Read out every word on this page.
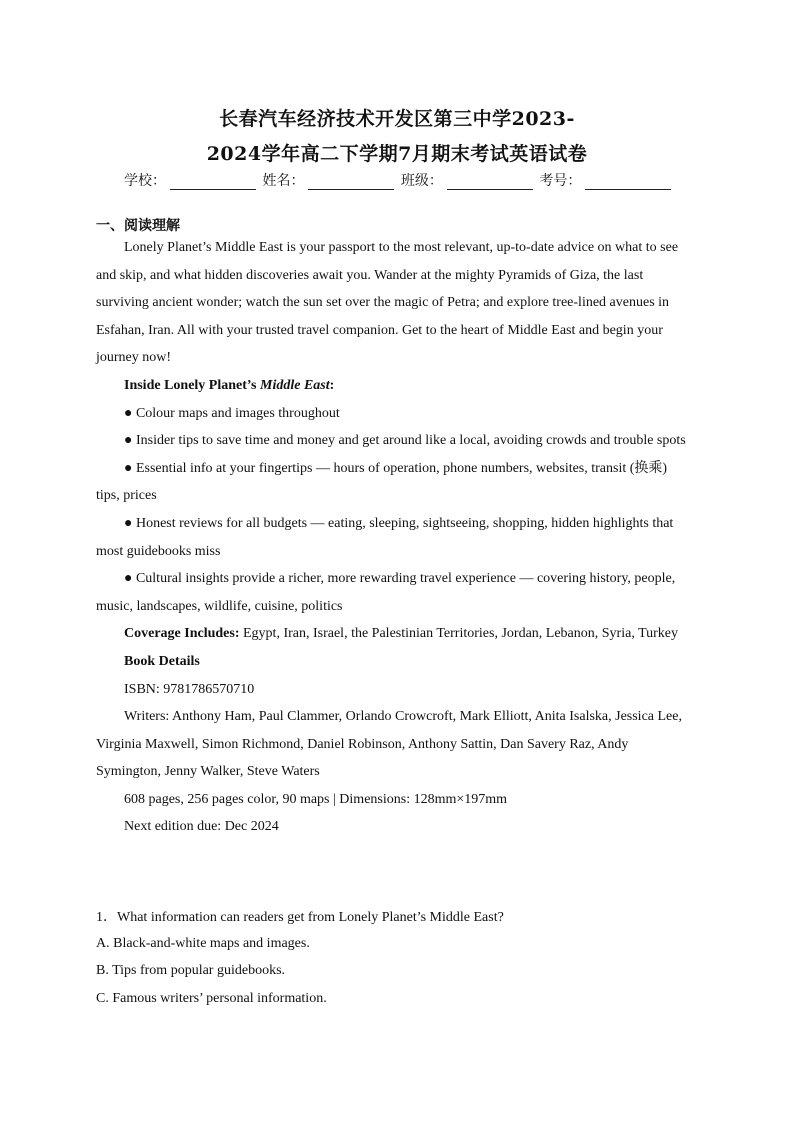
长春汽车经济技术开发区第三中学2023-
2024学年高二下学期7月期末考试英语试卷
学校：	姓名：	班级：	考号：
一、阅读理解

Lonely Planet’s Middle East is your passport to the most relevant, up-to-date advice on what to see and skip, and what hidden discoveries await you. Wander at the mighty Pyramids of Giza, the last surviving ancient wonder; watch the sun set over the magic of Petra; and explore tree-lined avenues in Esfahan, Iran. All with your trusted travel companion. Get to the heart of Middle East and begin your journey now!

Inside Lonely Planet’s Middle East:

● Colour maps and images throughout

● Insider tips to save time and money and get around like a local, avoiding crowds and trouble spots

● Essential info at your fingertips — hours of operation, phone numbers, websites, transit (换乘) tips, prices

● Honest reviews for all budgets — eating, sleeping, sightseeing, shopping, hidden highlights that most guidebooks miss

● Cultural insights provide a richer, more rewarding travel experience — covering history, people, music, landscapes, wildlife, cuisine, politics

Coverage Includes: Egypt, Iran, Israel, the Palestinian Territories, Jordan, Lebanon, Syria, Turkey

Book Details

ISBN: 9781786570710

Writers: Anthony Ham, Paul Clammer, Orlando Crowcroft, Mark Elliott, Anita Isalska, Jessica Lee, Virginia Maxwell, Simon Richmond, Daniel Robinson, Anthony Sattin, Dan Savery Raz, Andy Symington, Jenny Walker, Steve Waters

608 pages, 256 pages color, 90 maps | Dimensions: 128mm×197mm

Next edition due: Dec 2024

1．What information can readers get from Lonely Planet’s Middle East?
A. Black-and-white maps and images.
B. Tips from popular guidebooks.
C. Famous writers’ personal information.
